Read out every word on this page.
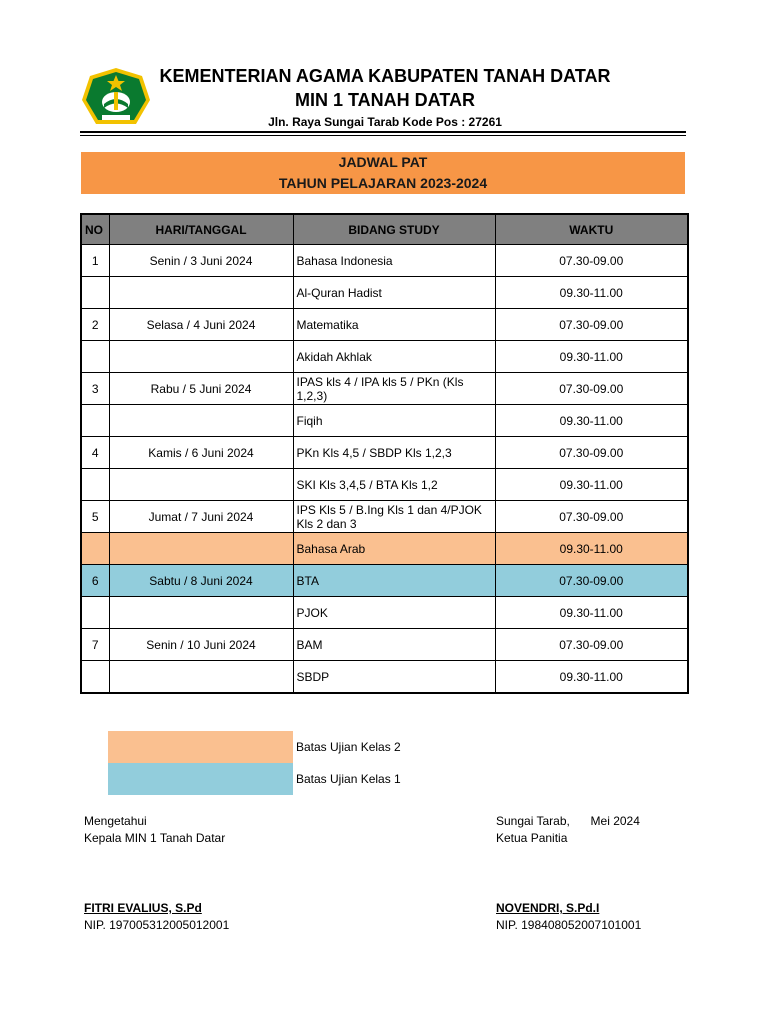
KEMENTERIAN AGAMA KABUPATEN TANAH DATAR
MIN 1 TANAH DATAR
Jln. Raya Sungai Tarab Kode Pos : 27261
JADWAL PAT
TAHUN PELAJARAN 2023-2024
NO	HARI/TANGGAL	BIDANG STUDY	WAKTU
1	Senin / 3 Juni 2024	Bahasa Indonesia	07.30-09.00
		Al-Quran Hadist	09.30-11.00
2	Selasa / 4 Juni 2024	Matematika	07.30-09.00
		Akidah Akhlak	09.30-11.00
3	Rabu / 5 Juni 2024	IPAS kls 4 / IPA kls 5 / PKn (Kls 1,2,3)	07.30-09.00
		Fiqih	09.30-11.00
4	Kamis / 6 Juni 2024	PKn Kls 4,5 / SBDP Kls 1,2,3	07.30-09.00
		SKI Kls 3,4,5 / BTA Kls 1,2	09.30-11.00
5	Jumat / 7 Juni 2024	IPS Kls 5 / B.Ing Kls 1 dan 4/PJOK Kls 2 dan 3	07.30-09.00
		Bahasa Arab	09.30-11.00
6	Sabtu / 8 Juni 2024	BTA	07.30-09.00
		PJOK	09.30-11.00
7	Senin / 10 Juni 2024	BAM	07.30-09.00
		SBDP	09.30-11.00
Batas Ujian Kelas 2
Batas Ujian Kelas 1
Mengetahui
Kepala MIN 1 Tanah Datar
FITRI EVALIUS, S.Pd
NIP. 197005312005012001
Sungai Tarab, Mei 2024
Ketua Panitia
NOVENDRI, S.Pd.I
NIP. 198408052007101001
